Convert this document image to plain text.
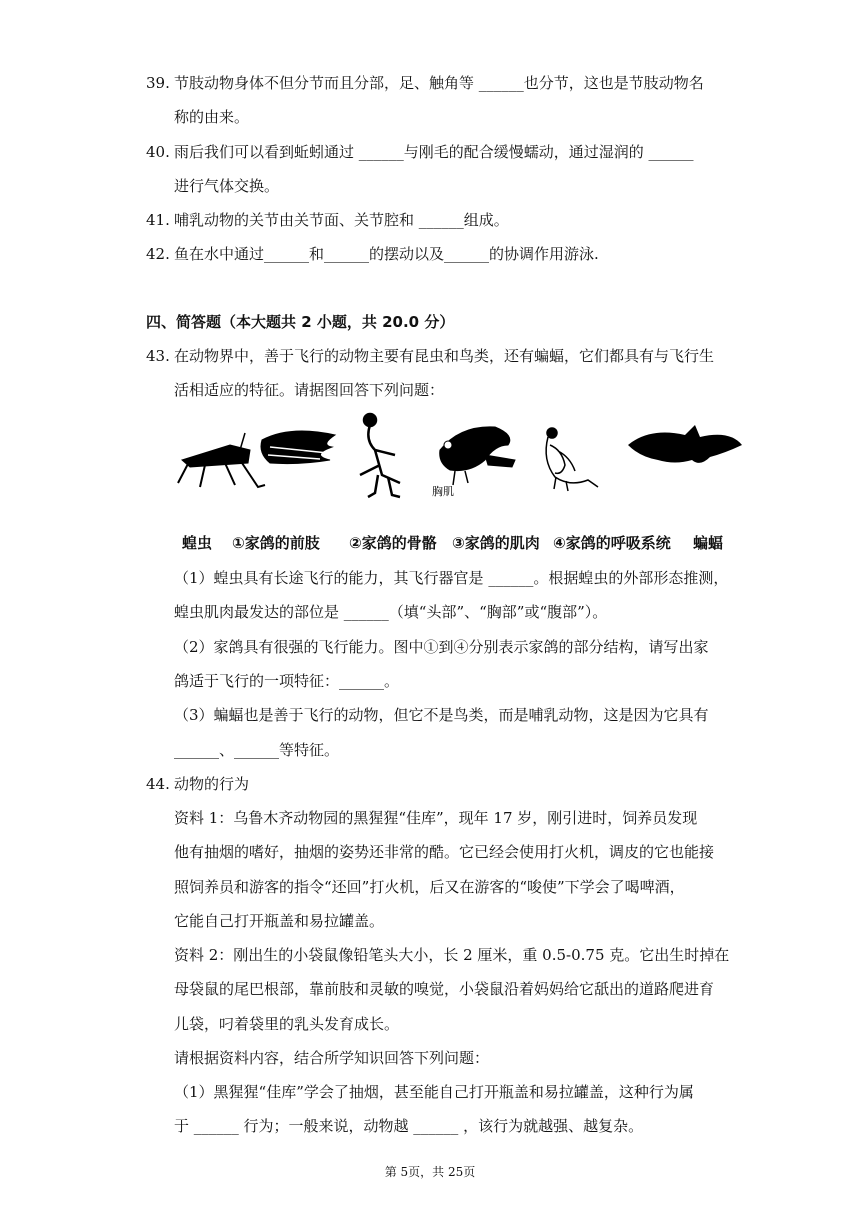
39. 节肢动物身体不但分节而且分部，足、触角等 ______也分节，这也是节肢动物名
称的由来。
40. 雨后我们可以看到蚯蚓通过 ______与刚毛的配合缓慢蠕动，通过湿润的 ______
进行气体交换。
41. 哺乳动物的关节由关节面、关节腔和 ______组成。
42. 鱼在水中通过______和______的摆动以及______的协调作用游泳.
四、简答题（本大题共 2 小题，共 20.0 分）
43. 在动物界中，善于飞行的动物主要有昆虫和鸟类，还有蝙蝠，它们都具有与飞行生
活相适应的特征。请据图回答下列问题：
（1）蝗虫具有长途飞行的能力，其飞行器官是 ______。根据蝗虫的外部形态推测，
蝗虫肌肉最发达的部位是 ______（填“头部”、“胸部”或“腹部”）。
（2）家鸽具有很强的飞行能力。图中①到④分别表示家鸽的部分结构，请写出家
鸽适于飞行的一项特征：______。
（3）蝙蝠也是善于飞行的动物，但它不是鸟类，而是哺乳动物，这是因为它具有
______、______等特征。
44. 动物的行为
资料 1：乌鲁木齐动物园的黑猩猩“佳库”，现年 17 岁，刚引进时，饲养员发现
他有抽烟的嗜好，抽烟的姿势还非常的酷。它已经会使用打火机，调皮的它也能接
照饲养员和游客的指令“还回”打火机，后又在游客的“唆使”下学会了喝啤酒，
它能自己打开瓶盖和易拉罐盖。
资料 2：刚出生的小袋鼠像铅笔头大小，长 2 厘米，重 0.5-0.75 克。它出生时掉在
母袋鼠的尾巴根部，靠前肢和灵敏的嗅觉，小袋鼠沿着妈妈给它舐出的道路爬进育
儿袋，叼着袋里的乳头发育成长。
请根据资料内容，结合所学知识回答下列问题：
（1）黑猩猩“佳库”学会了抽烟，甚至能自己打开瓶盖和易拉罐盖，这种行为属
于 ______ 行为；一般来说，动物越 ______ ，该行为就越强、越复杂。
胸肌
蝗虫 ①家鸽的前肢 ②家鸽的骨骼 ③家鸽的肌肉 ④家鸽的呼吸系统 蝙蝠
第 5页，共 25页
